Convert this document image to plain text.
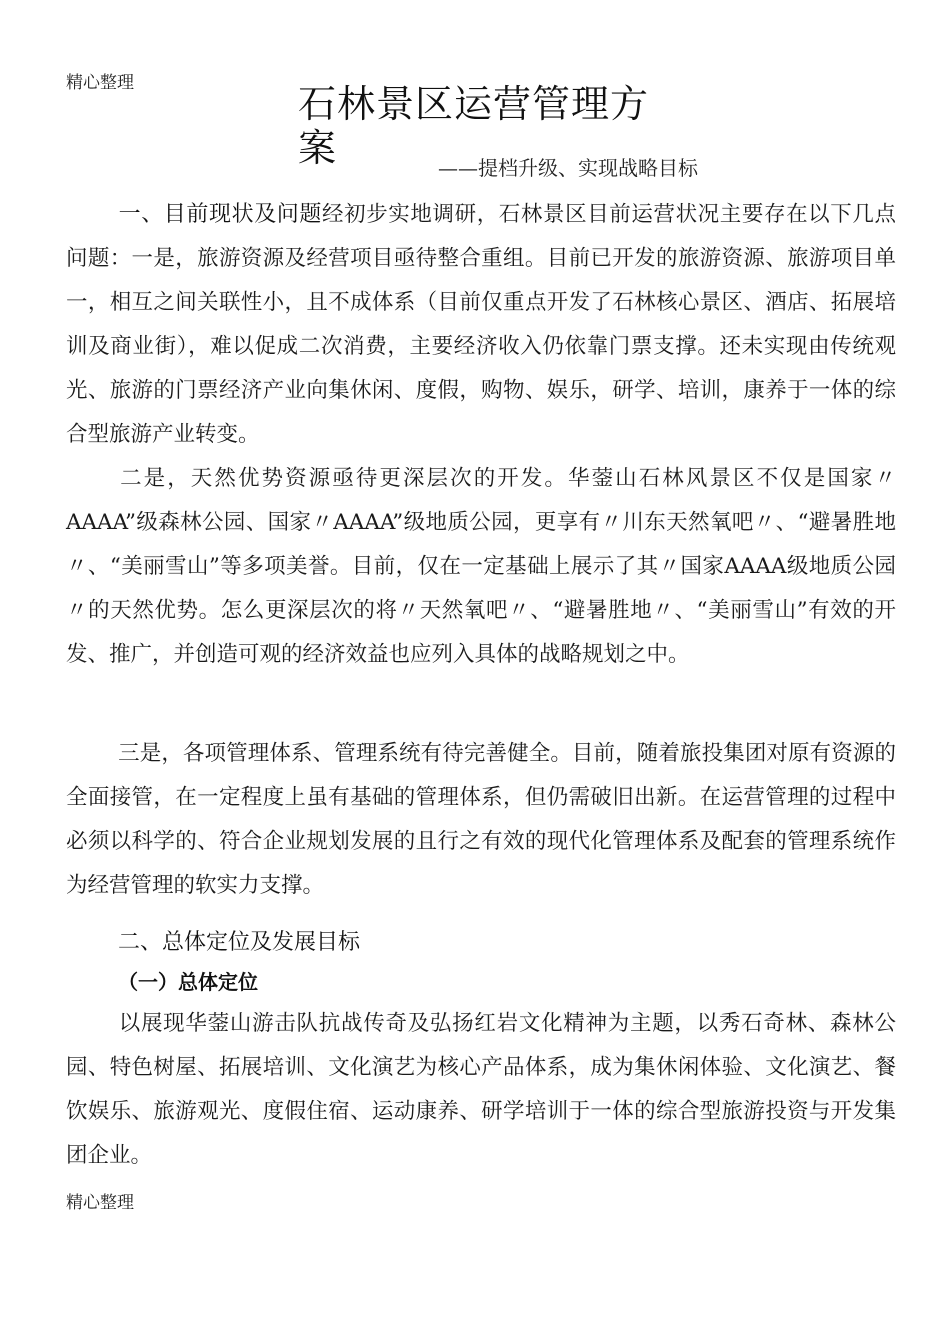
精心整理	石林景区运营管理方案	——提档升级、实现战略目标
一、目前现状及问题经初步实地调研，石林景区目前运营状况主要存在以下几点问题：一是，旅游资源及经营项目亟待整合重组。目前已开发的旅游资源、旅游项目单一，相互之间关联性小，且不成体系（目前仅重点开发了石林核心景区、酒店、拓展培训及商业街），难以促成二次消费，主要经济收入仍依靠门票支撑。还未实现由传统观光、旅游的门票经济产业向集休闲、度假，购物、娱乐，研学、培训，康养于一体的综合型旅游产业转变。
二是，天然优势资源亟待更深层次的开发。华蓥山石林风景区不仅是国家〃AAAA”级森林公园、国家〃AAAA”级地质公园，更享有〃川东天然氧吧〃、“避暑胜地〃、“美丽雪山”等多项美誉。目前，仅在一定基础上展示了其〃国家AAAA级地质公园〃的天然优势。怎么更深层次的将〃天然氧吧〃、“避暑胜地〃、“美丽雪山”有效的开发、推广，并创造可观的经济效益也应列入具体的战略规划之中。
三是，各项管理体系、管理系统有待完善健全。目前，随着旅投集团对原有资源的全面接管，在一定程度上虽有基础的管理体系，但仍需破旧出新。在运营管理的过程中必须以科学的、符合企业规划发展的且行之有效的现代化管理体系及配套的管理系统作为经营管理的软实力支撑。
二、总体定位及发展目标
（一）总体定位
以展现华蓥山游击队抗战传奇及弘扬红岩文化精神为主题，以秀石奇林、森林公园、特色树屋、拓展培训、文化演艺为核心产品体系，成为集休闲体验、文化演艺、餐饮娱乐、旅游观光、度假住宿、运动康养、研学培训于一体的综合型旅游投资与开发集团企业。
精心整理
